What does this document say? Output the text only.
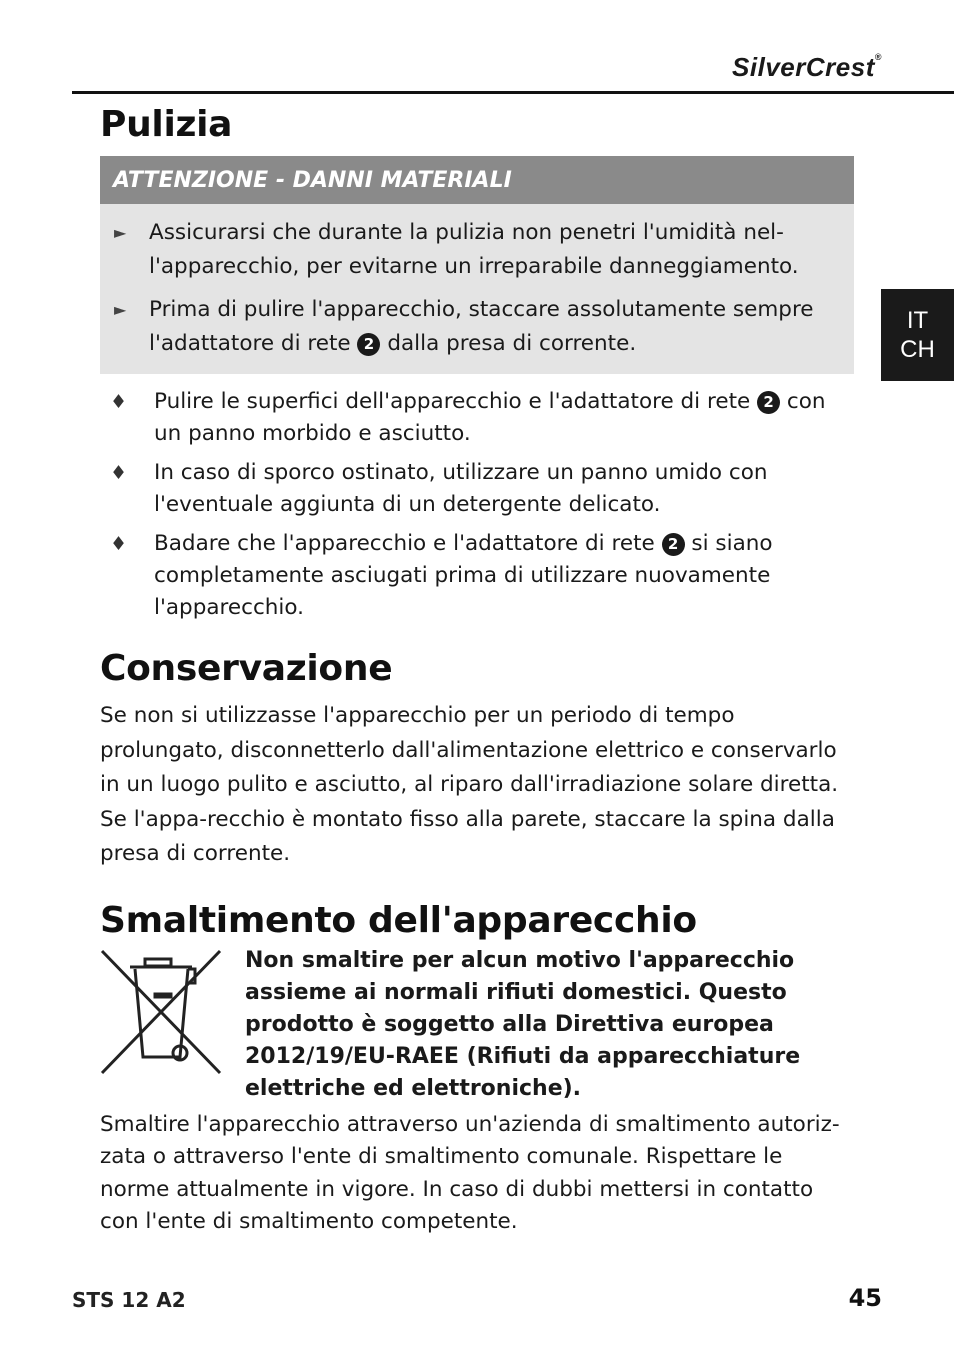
SilverCrest®
IT
CH
Pulizia
ATTENZIONE - DANNI MATERIALI
►	Assicurarsi che durante la pulizia non penetri l'umidità nel-l'apparecchio, per evitarne un irreparabile danneggiamento.
►	Prima di pulire l'apparecchio, staccare assolutamente sempre l'adattatore di rete 2 dalla presa di corrente.
♦	Pulire le superfici dell'apparecchio e l'adattatore di rete 2 con un panno morbido e asciutto.
♦	In caso di sporco ostinato, utilizzare un panno umido con l'eventuale aggiunta di un detergente delicato.
♦	Badare che l'apparecchio e l'adattatore di rete 2 si siano completamente asciugati prima di utilizzare nuovamente l'apparecchio.
Conservazione
Se non si utilizzasse l'apparecchio per un periodo di tempo prolungato, disconnetterlo dall'alimentazione elettrico e conservarlo in un luogo pulito e asciutto, al riparo dall'irradiazione solare diretta. Se l'appa-recchio è montato fisso alla parete, staccare la spina dalla presa di corrente.
Smaltimento dell'apparecchio
Non smaltire per alcun motivo l'apparecchio assieme ai normali rifiuti domestici. Questo prodotto è soggetto alla Direttiva europea 2012/19/EU-RAEE (Rifiuti da apparecchiature elettriche ed elettroniche).
Smaltire l'apparecchio attraverso un'azienda di smaltimento autoriz-zata o attraverso l'ente di smaltimento comunale. Rispettare le norme attualmente in vigore. In caso di dubbi mettersi in contatto con l'ente di smaltimento competente.
STS 12 A2	45
